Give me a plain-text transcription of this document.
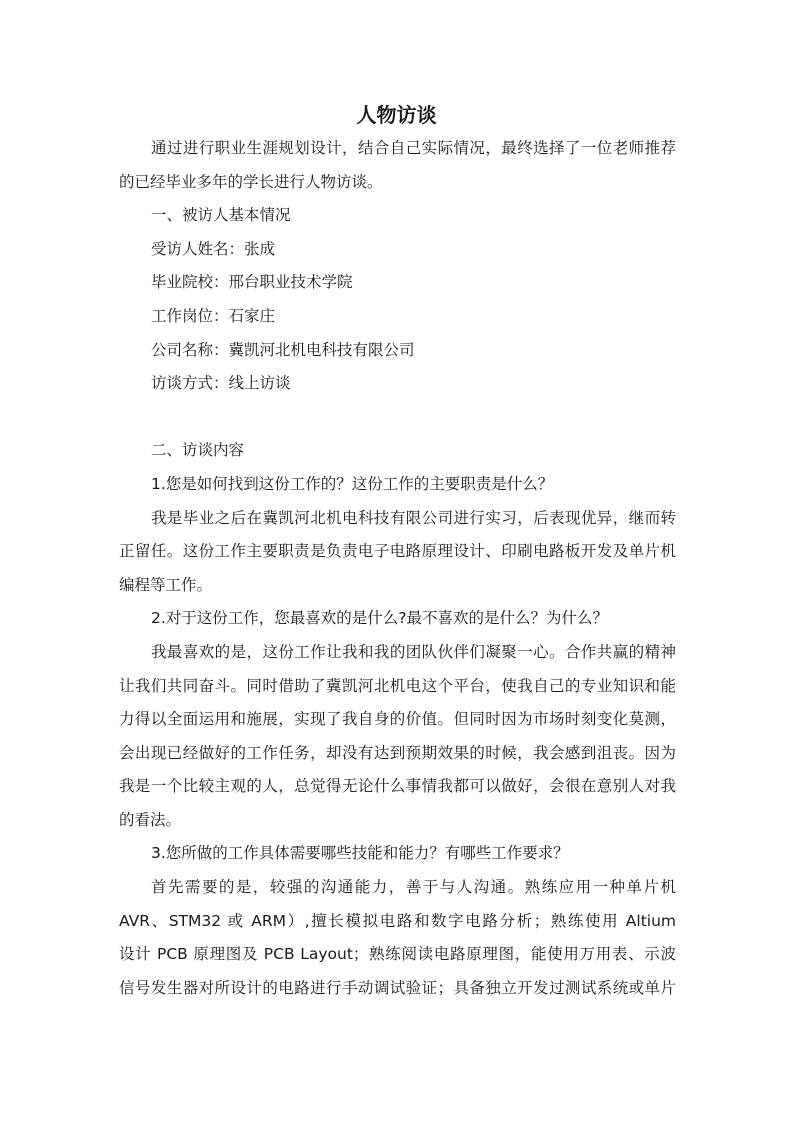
人物访谈
通过进行职业生涯规划设计，结合自己实际情况，最终选择了一位老师推荐
的已经毕业多年的学长进行人物访谈。
一、被访人基本情况
受访人姓名：张成
毕业院校：邢台职业技术学院
工作岗位：石家庄
公司名称：冀凯河北机电科技有限公司
访谈方式：线上访谈
二、访谈内容
1.您是如何找到这份工作的？这份工作的主要职责是什么？
我是毕业之后在冀凯河北机电科技有限公司进行实习，后表现优异，继而转
正留任。这份工作主要职责是负责电子电路原理设计、印刷电路板开发及单片机
编程等工作。
2.对于这份工作，您最喜欢的是什么?最不喜欢的是什么？为什么？
我最喜欢的是，这份工作让我和我的团队伙伴们凝聚一心。合作共赢的精神
让我们共同奋斗。同时借助了冀凯河北机电这个平台，使我自己的专业知识和能
力得以全面运用和施展，实现了我自身的价值。但同时因为市场时刻变化莫测，
会出现已经做好的工作任务，却没有达到预期效果的时候，我会感到沮丧。因为
我是一个比较主观的人，总觉得无论什么事情我都可以做好，会很在意别人对我
的看法。
3.您所做的工作具体需要哪些技能和能力？有哪些工作要求？
首先需要的是，较强的沟通能力，善于与人沟通。熟练应用一种单片机
AVR、STM32 或 ARM）,擅长模拟电路和数字电路分析；熟练使用 Altium
设计 PCB 原理图及 PCB Layout；熟练阅读电路原理图，能使用万用表、示波
信号发生器对所设计的电路进行手动调试验证；具备独立开发过测试系统或单片
